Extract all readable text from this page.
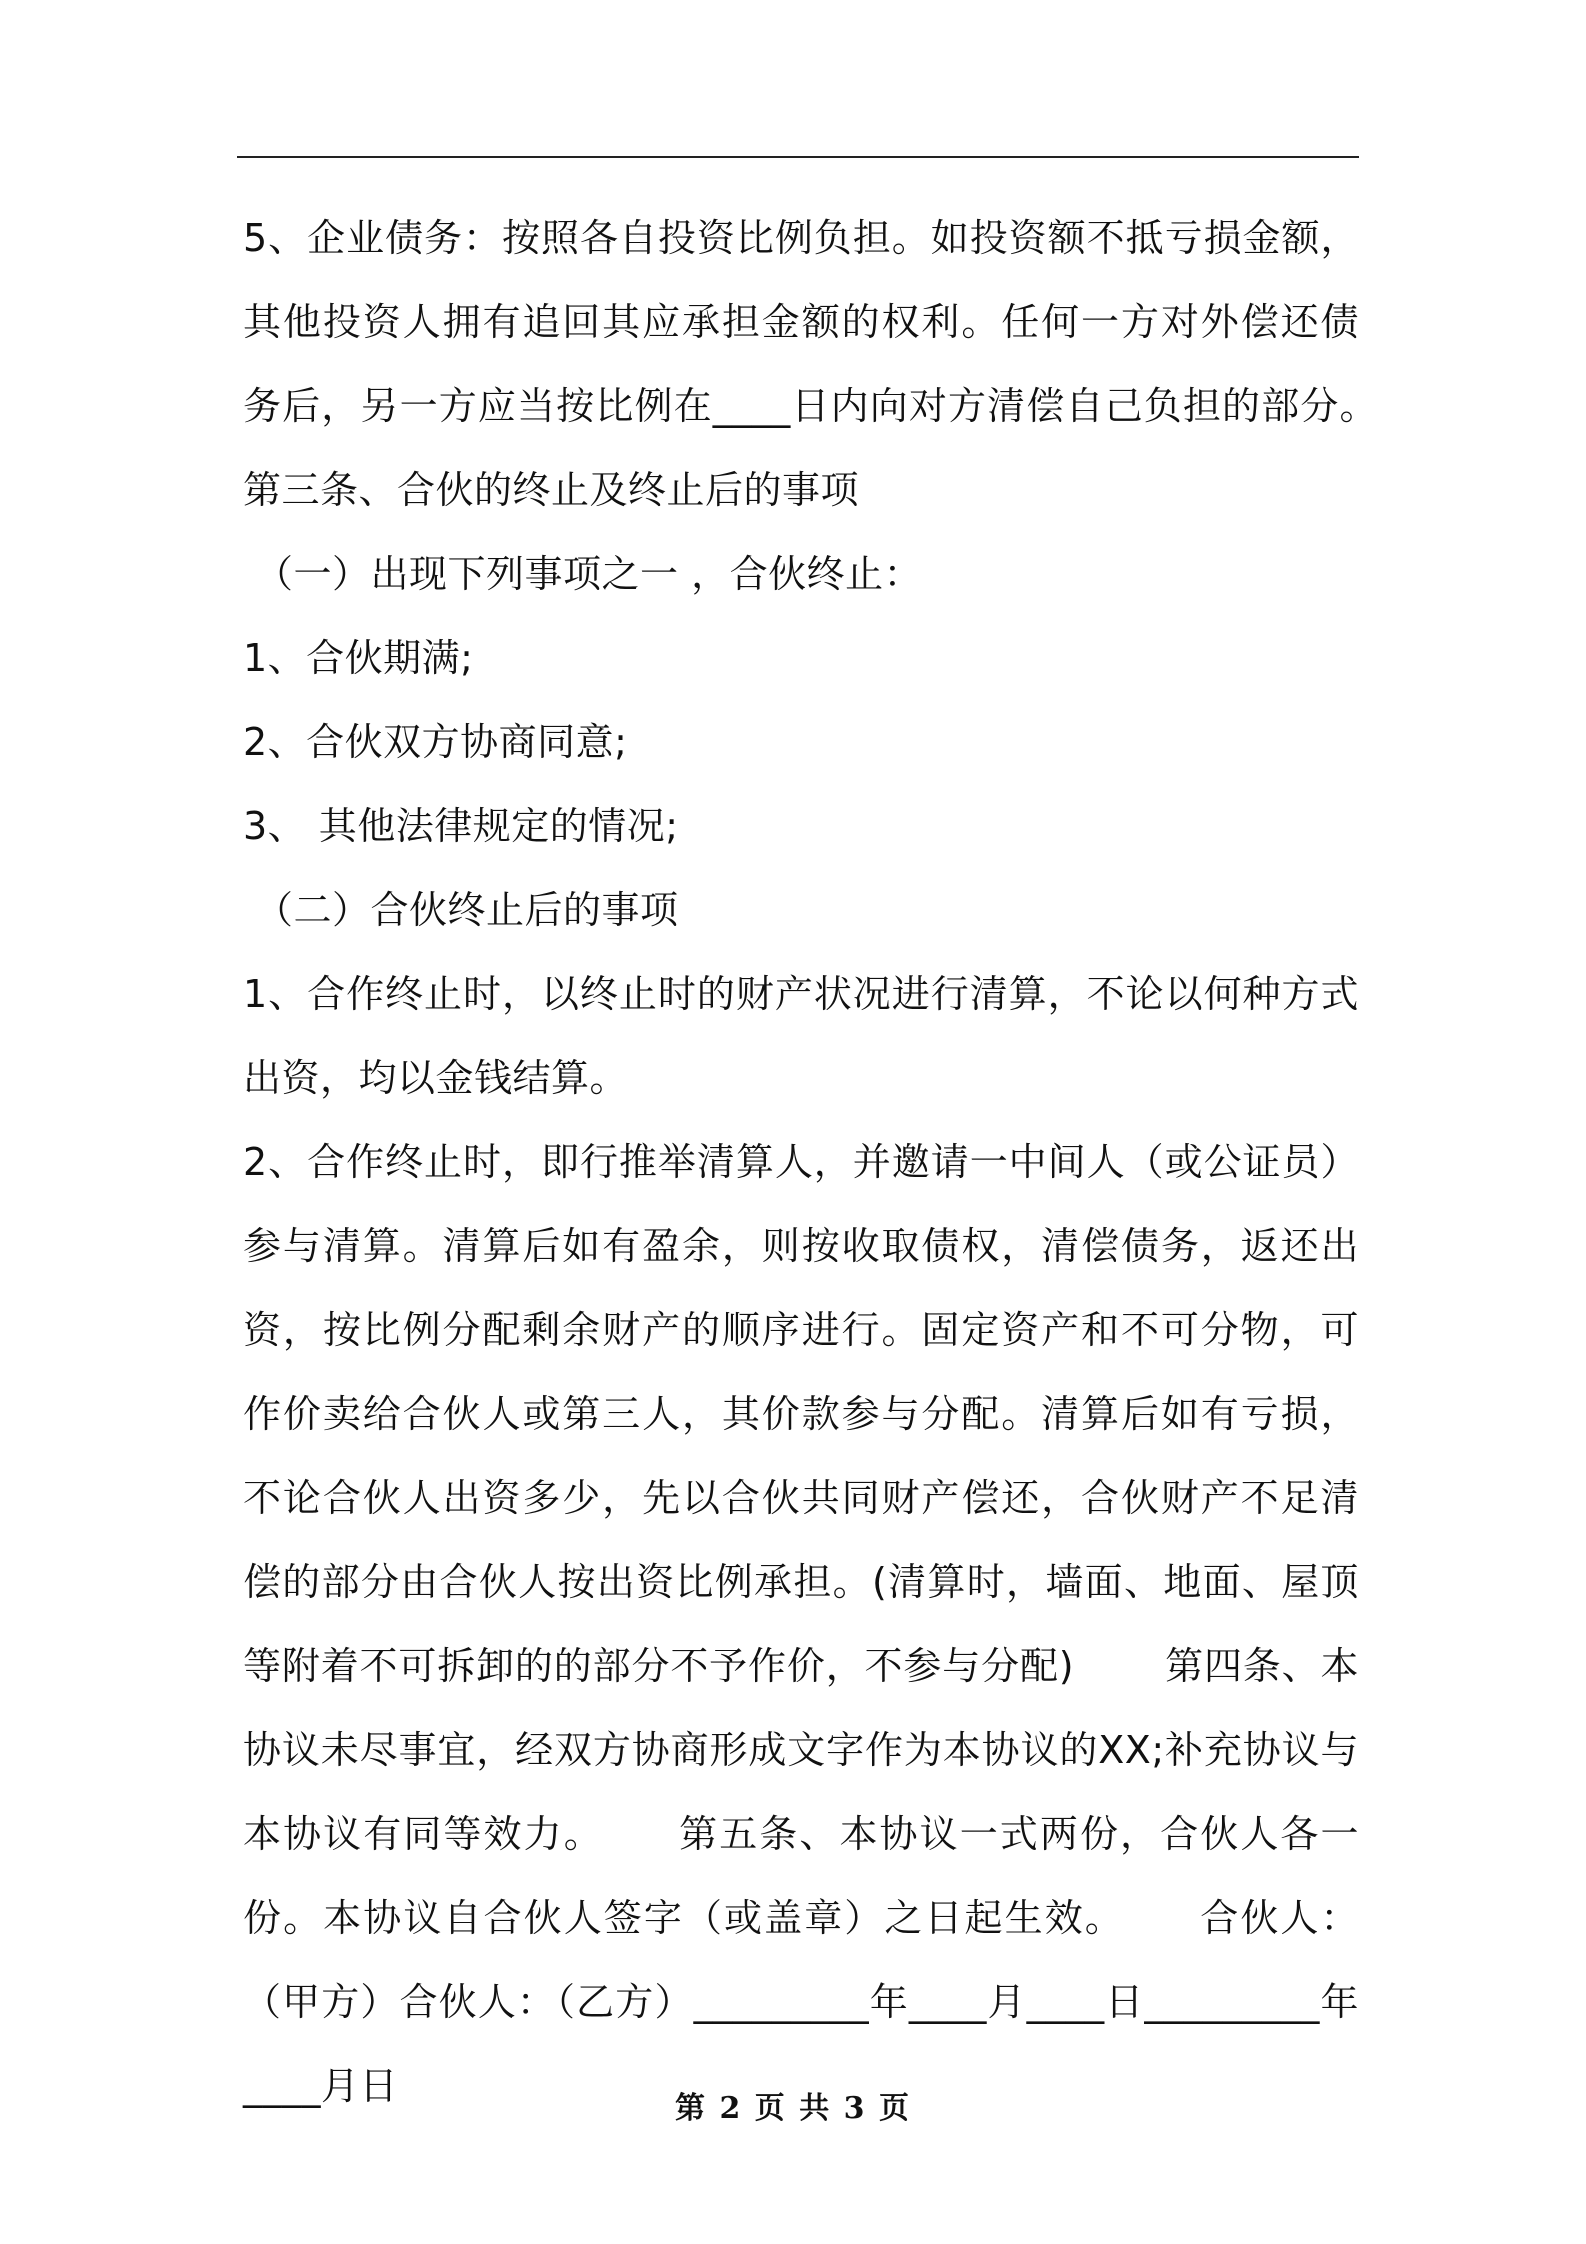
5、企业债务：按照各自投资比例负担。如投资额不抵亏损金额，其他投资人拥有追回其应承担金额的权利。任何一方对外偿还债务后，另一方应当按比例在____日内向对方清偿自己负担的部分。　　 第三条、合伙的终止及终止后的事项

（一）出现下列事项之一 ，合伙终止：

1、合伙期满;

2、合伙双方协商同意;

3、 其他法律规定的情况;

（二）合伙终止后的事项

1、合作终止时，以终止时的财产状况进行清算，不论以何种方式出资，均以金钱结算。

2、合作终止时，即行推举清算人，并邀请一中间人（或公证员）参与清算。清算后如有盈余，则按收取债权，清偿债务，返还出资，按比例分配剩余财产的顺序进行。固定资产和不可分物，可作价卖给合伙人或第三人，其价款参与分配。清算后如有亏损，不论合伙人出资多少，先以合伙共同财产偿还，合伙财产不足清偿的部分由合伙人按出资比例承担。(清算时，墙面、地面、屋顶等附着不可拆卸的的部分不予作价，不参与分配)　　 第四条、本协议未尽事宜，经双方协商形成文字作为本协议的XX;补充协议与本协议有同等效力。　　 第五条、本协议一式两份，合伙人各一份。本协议自合伙人签字（或盖章）之日起生效。　　 合伙人：（甲方）合伙人：（乙方）_________年____月____日_________年____月日

第 2 页 共 3 页
